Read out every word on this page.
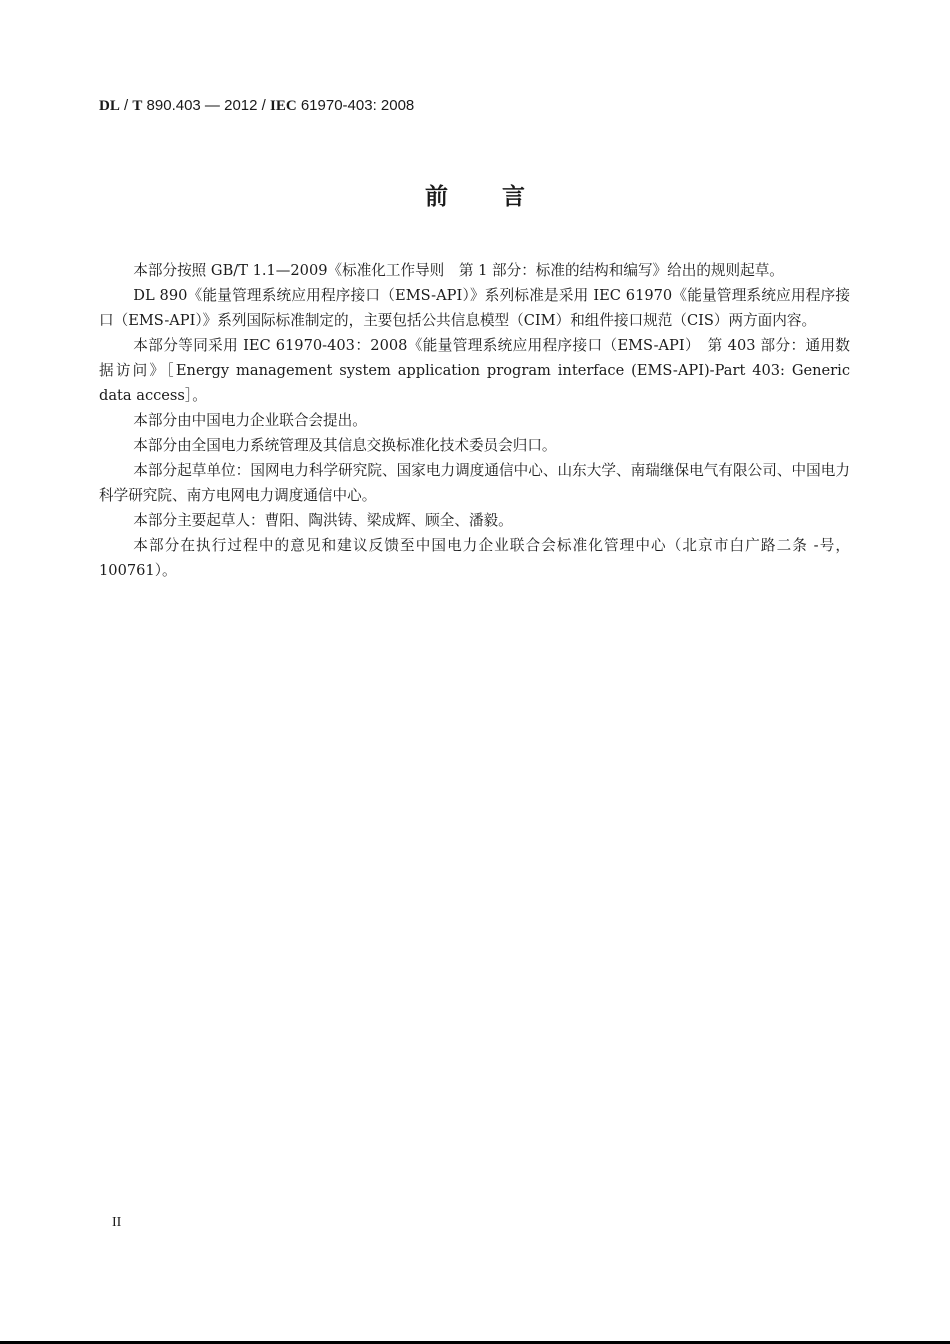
DL / T 890.403 — 2012 / IEC 61970-403: 2008
前言

本部分按照 GB/T 1.1—2009《标准化工作导则　第 1 部分：标准的结构和编写》给出的规则起草。

DL 890《能量管理系统应用程序接口（EMS-API）》系列标准是采用 IEC 61970《能量管理系统应用程序接口（EMS-API）》系列国际标准制定的，主要包括公共信息模型（CIM）和组件接口规范（CIS）两方面内容。

本部分等同采用 IEC 61970-403：2008《能量管理系统应用程序接口（EMS-API）　第 403 部分：通用数据访问》［Energy management system application program interface (EMS-API)-Part 403: Generic data access］。

本部分由中国电力企业联合会提出。

本部分由全国电力系统管理及其信息交换标准化技术委员会归口。

本部分起草单位：国网电力科学研究院、国家电力调度通信中心、山东大学、南瑞继保电气有限公司、中国电力科学研究院、南方电网电力调度通信中心。

本部分主要起草人：曹阳、陶洪铸、梁成辉、顾全、潘毅。

本部分在执行过程中的意见和建议反馈至中国电力企业联合会标准化管理中心（北京市白广路二条 -号，100761）。

II
